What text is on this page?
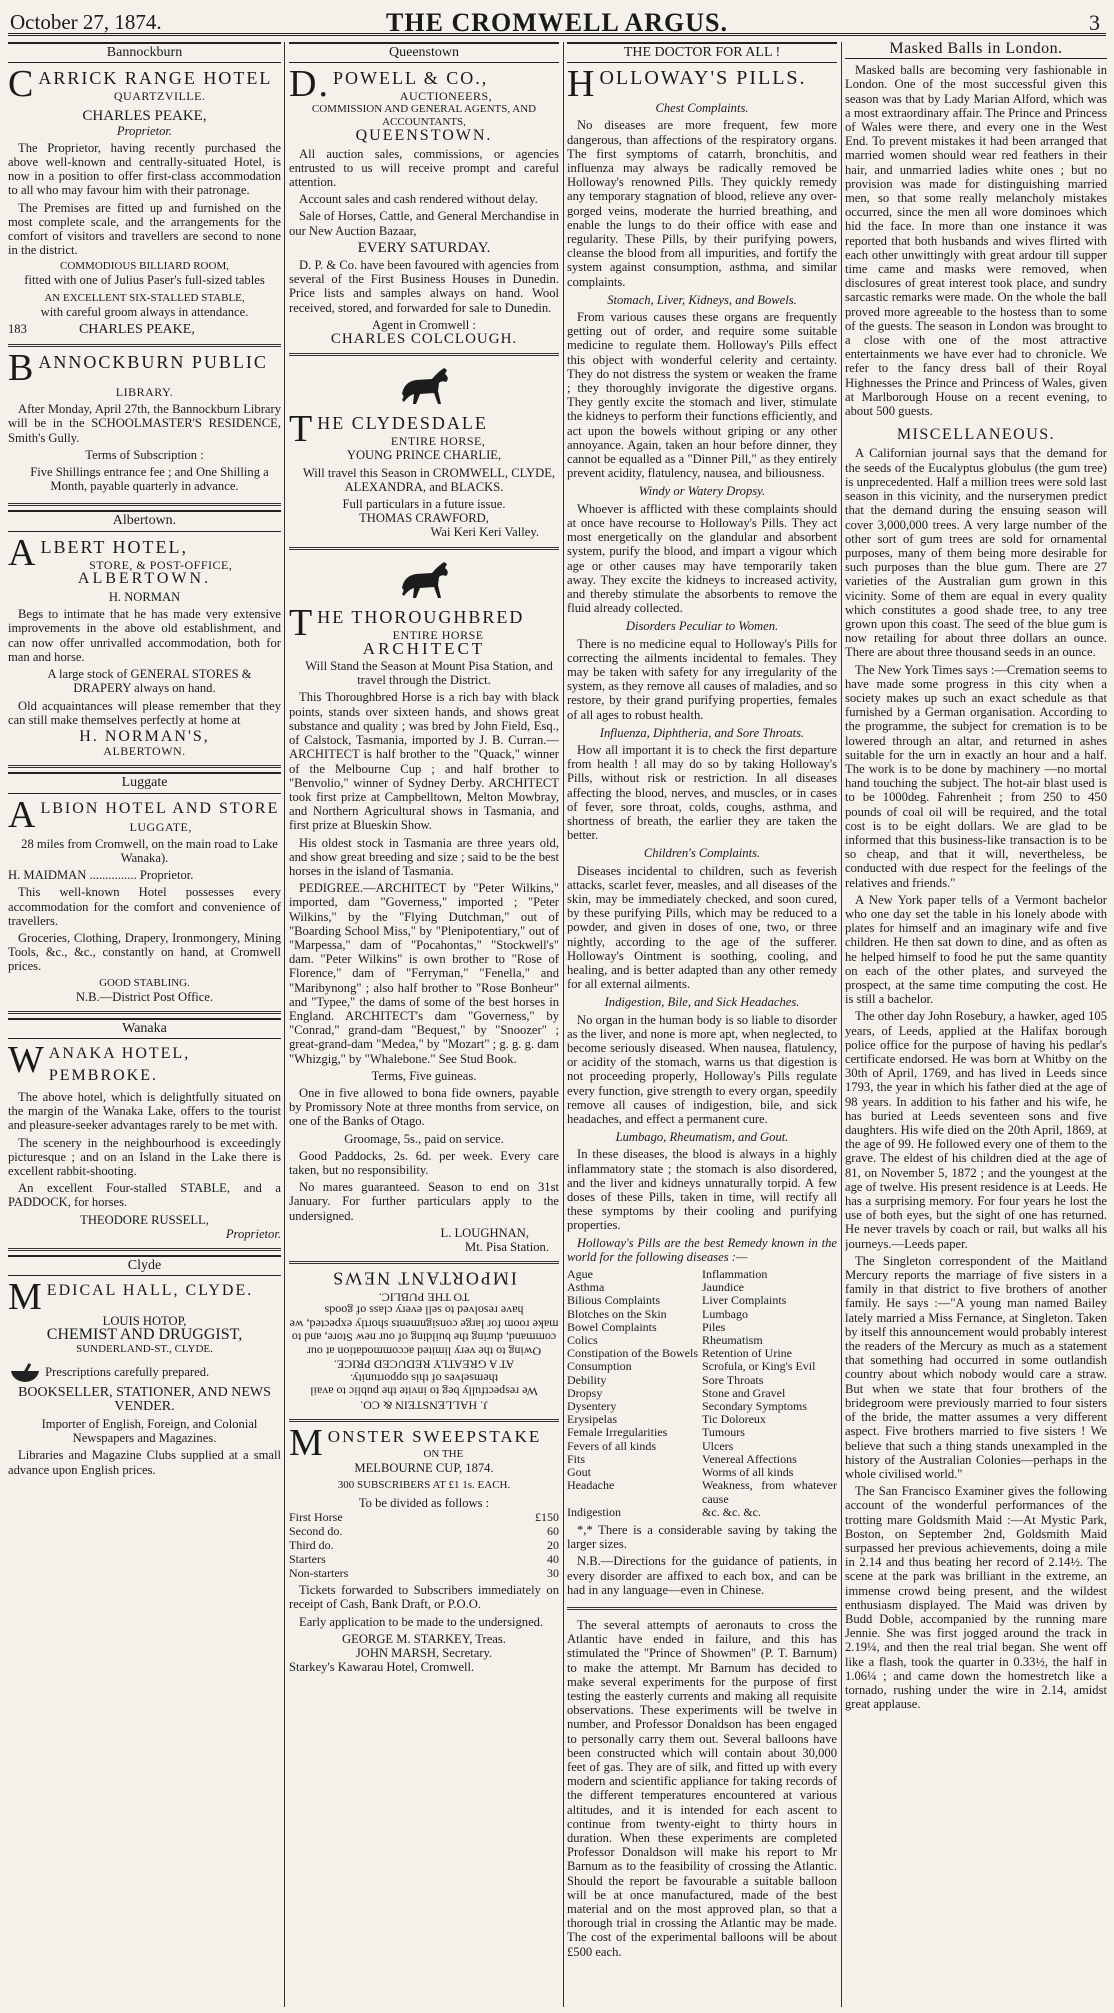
October 27, 1874.	THE CROMWELL ARGUS.	3
Bannockburn
CARRICK RANGE HOTEL
QUARTZVILLE.
CHARLES PEAKE,
Proprietor.

The Proprietor, having recently purchased the above well-known and centrally-situated Hotel, is now in a position to offer first-class accommodation to all who may favour him with their patronage.

The Premises are fitted up and furnished on the most complete scale, and the arrangements for the comfort of visitors and travellers are second to none in the district.

COMMODIOUS BILLIARD ROOM,
fitted with one of Julius Paser's full-sized tables
AN EXCELLENT SIX-STALLED STABLE,
with careful groom always in attendance.
183	CHARLES PEAKE,
BANNOCKBURN PUBLIC
LIBRARY.

After Monday, April 27th, the Bannockburn Library will be in the SCHOOLMASTER'S RESIDENCE, Smith's Gully.

Terms of Subscription :

Five Shillings entrance fee ; and One Shilling a Month, payable quarterly in advance.

Albertown.
ALBERT HOTEL,
STORE, & POST-OFFICE,
ALBERTOWN.
H. NORMAN

Begs to intimate that he has made very extensive improvements in the above old establishment, and can now offer unrivalled accommodation, both for man and horse.

A large stock of GENERAL STORES & DRAPERY always on hand.

Old acquaintances will please remember that they can still make themselves perfectly at home at

H. NORMAN'S,
ALBERTOWN.
Luggate
ALBION HOTEL AND STORE
LUGGATE,

28 miles from Cromwell, on the main road to Lake Wanaka).

H. MAIDMAN ............... Proprietor.

This well-known Hotel possesses every accommodation for the comfort and convenience of travellers.

Groceries, Clothing, Drapery, Ironmongery, Mining Tools, &c., &c., constantly on hand, at Cromwell prices.

GOOD STABLING.
N.B.—District Post Office.
Wanaka
WANAKA HOTEL, PEMBROKE.

The above hotel, which is delightfully situated on the margin of the Wanaka Lake, offers to the tourist and pleasure-seeker advantages rarely to be met with.

The scenery in the neighbourhood is exceedingly picturesque ; and on an Island in the Lake there is excellent rabbit-shooting.

An excellent Four-stalled STABLE, and a PADDOCK, for horses.

THEODORE RUSSELL,
Proprietor.
Clyde
MEDICAL HALL, CLYDE.
LOUIS HOTOP,
CHEMIST AND DRUGGIST,
SUNDERLAND-ST., CLYDE.
Prescriptions carefully prepared.
BOOKSELLER, STATIONER, AND NEWS VENDER.

Importer of English, Foreign, and Colonial Newspapers and Magazines.

Libraries and Magazine Clubs supplied at a small advance upon English prices.

Queenstown
D. POWELL & CO.,
AUCTIONEERS,
COMMISSION AND GENERAL AGENTS, AND ACCOUNTANTS,
QUEENSTOWN.

All auction sales, commissions, or agencies entrusted to us will receive prompt and careful attention.

Account sales and cash rendered without delay.

Sale of Horses, Cattle, and General Merchandise in our New Auction Bazaar,

EVERY SATURDAY.

D. P. & Co. have been favoured with agencies from several of the First Business Houses in Dunedin. Price lists and samples always on hand. Wool received, stored, and forwarded for sale to Dunedin.

Agent in Cromwell :
CHARLES COLCLOUGH.
THE CLYDESDALE
ENTIRE HORSE,
YOUNG PRINCE CHARLIE,

Will travel this Season in CROMWELL, CLYDE, ALEXANDRA, and BLACKS.

Full particulars in a future issue.
THOMAS CRAWFORD,
Wai Keri Keri Valley.
THE THOROUGHBRED
ENTIRE HORSE
ARCHITECT

Will Stand the Season at Mount Pisa Station, and travel through the District.

This Thoroughbred Horse is a rich bay with black points, stands over sixteen hands, and shows great substance and quality ; was bred by John Field, Esq., of Calstock, Tasmania, imported by J. B. Curran.—ARCHITECT is half brother to the "Quack," winner of the Melbourne Cup ; and half brother to "Benvolio," winner of Sydney Derby. ARCHITECT took first prize at Campbelltown, Melton Mowbray, and Northern Agricultural shows in Tasmania, and first prize at Blueskin Show.

His oldest stock in Tasmania are three years old, and show great breeding and size ; said to be the best horses in the island of Tasmania.

PEDIGREE.—ARCHITECT by "Peter Wilkins," imported, dam "Governess," imported ; "Peter Wilkins," by the "Flying Dutchman," out of "Boarding School Miss," by "Plenipotentiary," out of "Marpessa," dam of "Pocahontas," "Stockwell's" dam. "Peter Wilkins" is own brother to "Rose of Florence," dam of "Ferryman," "Fenella," and "Maribynong" ; also half brother to "Rose Bonheur" and "Typee," the dams of some of the best horses in England. ARCHITECT's dam "Governess," by "Conrad," grand-dam "Bequest," by "Snoozer" ; great-grand-dam "Medea," by "Mozart" ; g. g. g. dam "Whizgig," by "Whalebone." See Stud Book.

Terms, Five guineas.

One in five allowed to bona fide owners, payable by Promissory Note at three months from service, on one of the Banks of Otago.

Groomage, 5s., paid on service.

Good Paddocks, 2s. 6d. per week. Every care taken, but no responsibility.

No mares guaranteed. Season to end on 31st January. For further particulars apply to the undersigned.

L. LOUGHNAN,
Mt. Pisa Station.
J. HALLENSTEIN & CO.
We respectfully beg to invite the public to avail themselves of this opportunity.
AT A GREATLY REDUCED PRICE.
Owing to the very limited accommodation at our command, during the building of our new Store, and to make room for large consignments shortly expected, we have resolved to sell every class of goods
TO THE PUBLIC.
IMPORTANT NEWS
MONSTER SWEEPSTAKE
ON THE
MELBOURNE CUP, 1874.
300 SUBSCRIBERS AT £1 1s. EACH.
To be divided as follows :
First Horse	£150
Second do.	60
Third do.	20
Starters	40
Non-starters	30

Tickets forwarded to Subscribers immediately on receipt of Cash, Bank Draft, or P.O.O.

Early application to be made to the undersigned.

GEORGE M. STARKEY, Treas.
JOHN MARSH, Secretary.
Starkey's Kawarau Hotel, Cromwell.
THE DOCTOR FOR ALL !
HOLLOWAY'S PILLS.
Chest Complaints.

No diseases are more frequent, few more dangerous, than affections of the respiratory organs. The first symptoms of catarrh, bronchitis, and influenza may always be radically removed be Holloway's renowned Pills. They quickly remedy any temporary stagnation of blood, relieve any over-gorged veins, moderate the hurried breathing, and enable the lungs to do their office with ease and regularity. These Pills, by their purifying powers, cleanse the blood from all impurities, and fortify the system against consumption, asthma, and similar complaints.

Stomach, Liver, Kidneys, and Bowels.

From various causes these organs are frequently getting out of order, and require some suitable medicine to regulate them. Holloway's Pills effect this object with wonderful celerity and certainty. They do not distress the system or weaken the frame ; they thoroughly invigorate the digestive organs. They gently excite the stomach and liver, stimulate the kidneys to perform their functions efficiently, and act upon the bowels without griping or any other annoyance. Again, taken an hour before dinner, they cannot be equalled as a "Dinner Pill," as they entirely prevent acidity, flatulency, nausea, and biliousness.

Windy or Watery Dropsy.

Whoever is afflicted with these complaints should at once have recourse to Holloway's Pills. They act most energetically on the glandular and absorbent system, purify the blood, and impart a vigour which age or other causes may have temporarily taken away. They excite the kidneys to increased activity, and thereby stimulate the absorbents to remove the fluid already collected.

Disorders Peculiar to Women.

There is no medicine equal to Holloway's Pills for correcting the ailments incidental to females. They may be taken with safety for any irregularity of the system, as they remove all causes of maladies, and so restore, by their grand purifying properties, females of all ages to robust health.

Influenza, Diphtheria, and Sore Throats.

How all important it is to check the first departure from health ! all may do so by taking Holloway's Pills, without risk or restriction. In all diseases affecting the blood, nerves, and muscles, or in cases of fever, sore throat, colds, coughs, asthma, and shortness of breath, the earlier they are taken the better.

Children's Complaints.

Diseases incidental to children, such as feverish attacks, scarlet fever, measles, and all diseases of the skin, may be immediately checked, and soon cured, by these purifying Pills, which may be reduced to a powder, and given in doses of one, two, or three nightly, according to the age of the sufferer. Holloway's Ointment is soothing, cooling, and healing, and is better adapted than any other remedy for all external ailments.

Indigestion, Bile, and Sick Headaches.

No organ in the human body is so liable to disorder as the liver, and none is more apt, when neglected, to become seriously diseased. When nausea, flatulency, or acidity of the stomach, warns us that digestion is not proceeding properly, Holloway's Pills regulate every function, give strength to every organ, speedily remove all causes of indigestion, bile, and sick headaches, and effect a permanent cure.

Lumbago, Rheumatism, and Gout.

In these diseases, the blood is always in a highly inflammatory state ; the stomach is also disordered, and the liver and kidneys unnaturally torpid. A few doses of these Pills, taken in time, will rectify all these symptoms by their cooling and purifying properties.

Holloway's Pills are the best Remedy known in the world for the following diseases :—
Ague	Inflammation
Asthma	Jaundice
Bilious Complaints	Liver Complaints
Blotches on the Skin	Lumbago
Bowel Complaints	Piles
Colics	Rheumatism
Constipation of the Bowels Retention of Urine
Consumption	Scrofula, or King's Evil
Debility	Sore Throats
Dropsy	Stone and Gravel
Dysentery	Secondary Symptoms
Erysipelas	Tic Doloreux
Female Irregularities	Tumours
Fevers of all kinds	Ulcers
Fits	Venereal Affections
Gout	Worms of all kinds
Headache	Weakness, from whatever cause
Indigestion	&c. &c. &c.

*,* There is a considerable saving by taking the larger sizes.

N.B.—Directions for the guidance of patients, in every disorder are affixed to each box, and can be had in any language—even in Chinese.

The several attempts of aeronauts to cross the Atlantic have ended in failure, and this has stimulated the "Prince of Showmen" (P. T. Barnum) to make the attempt. Mr Barnum has decided to make several experiments for the purpose of first testing the easterly currents and making all requisite observations. These experiments will be twelve in number, and Professor Donaldson has been engaged to personally carry them out. Several balloons have been constructed which will contain about 30,000 feet of gas. They are of silk, and fitted up with every modern and scientific appliance for taking records of the different temperatures encountered at various altitudes, and it is intended for each ascent to continue from twenty-eight to thirty hours in duration. When these experiments are completed Professor Donaldson will make his report to Mr Barnum as to the feasibility of crossing the Atlantic. Should the report be favourable a suitable balloon will be at once manufactured, made of the best material and on the most approved plan, so that a thorough trial in crossing the Atlantic may be made. The cost of the experimental balloons will be about £500 each.

Masked Balls in London.

Masked balls are becoming very fashionable in London. One of the most successful given this season was that by Lady Marian Alford, which was a most extraordinary affair. The Prince and Princess of Wales were there, and every one in the West End. To prevent mistakes it had been arranged that married women should wear red feathers in their hair, and unmarried ladies white ones ; but no provision was made for distinguishing married men, so that some really melancholy mistakes occurred, since the men all wore dominoes which hid the face. In more than one instance it was reported that both husbands and wives flirted with each other unwittingly with great ardour till supper time came and masks were removed, when disclosures of great interest took place, and sundry sarcastic remarks were made. On the whole the ball proved more agreeable to the hostess than to some of the guests. The season in London was brought to a close with one of the most attractive entertainments we have ever had to chronicle. We refer to the fancy dress ball of their Royal Highnesses the Prince and Princess of Wales, given at Marlborough House on a recent evening, to about 500 guests.

MISCELLANEOUS.

A Californian journal says that the demand for the seeds of the Eucalyptus globulus (the gum tree) is unprecedented. Half a million trees were sold last season in this vicinity, and the nurserymen predict that the demand during the ensuing season will cover 3,000,000 trees. A very large number of the other sort of gum trees are sold for ornamental purposes, many of them being more desirable for such purposes than the blue gum. There are 27 varieties of the Australian gum grown in this vicinity. Some of them are equal in every quality which constitutes a good shade tree, to any tree grown upon this coast. The seed of the blue gum is now retailing for about three dollars an ounce. There are about three thousand seeds in an ounce.

The New York Times says :—Cremation seems to have made some progress in this city when a society makes up such an exact schedule as that furnished by a German organisation. According to the programme, the subject for cremation is to be lowered through an altar, and returned in ashes suitable for the urn in exactly an hour and a half. The work is to be done by machinery —no mortal hand touching the subject. The hot-air blast used is to be 1000deg. Fahrenheit ; from 250 to 450 pounds of coal oil will be required, and the total cost is to be eight dollars. We are glad to be informed that this business-like transaction is to be so cheap, and that it will, nevertheless, be conducted with due respect for the feelings of the relatives and friends."

A New York paper tells of a Vermont bachelor who one day set the table in his lonely abode with plates for himself and an imaginary wife and five children. He then sat down to dine, and as often as he helped himself to food he put the same quantity on each of the other plates, and surveyed the prospect, at the same time computing the cost. He is still a bachelor.

The other day John Rosebury, a hawker, aged 105 years, of Leeds, applied at the Halifax borough police office for the purpose of having his pedlar's certificate endorsed. He was born at Whitby on the 30th of April, 1769, and has lived in Leeds since 1793, the year in which his father died at the age of 98 years. In addition to his father and his wife, he has buried at Leeds seventeen sons and five daughters. His wife died on the 20th April, 1869, at the age of 99. He followed every one of them to the grave. The eldest of his children died at the age of 81, on November 5, 1872 ; and the youngest at the age of twelve. His present residence is at Leeds. He has a surprising memory. For four years he lost the use of both eyes, but the sight of one has returned. He never travels by coach or rail, but walks all his journeys.—Leeds paper.

The Singleton correspondent of the Maitland Mercury reports the marriage of five sisters in a family in that district to five brothers of another family. He says :—"A young man named Bailey lately married a Miss Fernance, at Singleton. Taken by itself this announcement would probably interest the readers of the Mercury as much as a statement that something had occurred in some outlandish country about which nobody would care a straw. But when we state that four brothers of the bridegroom were previously married to four sisters of the bride, the matter assumes a very different aspect. Five brothers married to five sisters ! We believe that such a thing stands unexampled in the history of the Australian Colonies—perhaps in the whole civilised world."

The San Francisco Examiner gives the following account of the wonderful performances of the trotting mare Goldsmith Maid :—At Mystic Park, Boston, on September 2nd, Goldsmith Maid surpassed her previous achievements, doing a mile in 2.14 and thus beating her record of 2.14½. The scene at the park was brilliant in the extreme, an immense crowd being present, and the wildest enthusiasm displayed. The Maid was driven by Budd Doble, accompanied by the running mare Jennie. She was first jogged around the track in 2.19¼, and then the real trial began. She went off like a flash, took the quarter in 0.33½, the half in 1.06¼ ; and came down the homestretch like a tornado, rushing under the wire in 2.14, amidst great applause.
